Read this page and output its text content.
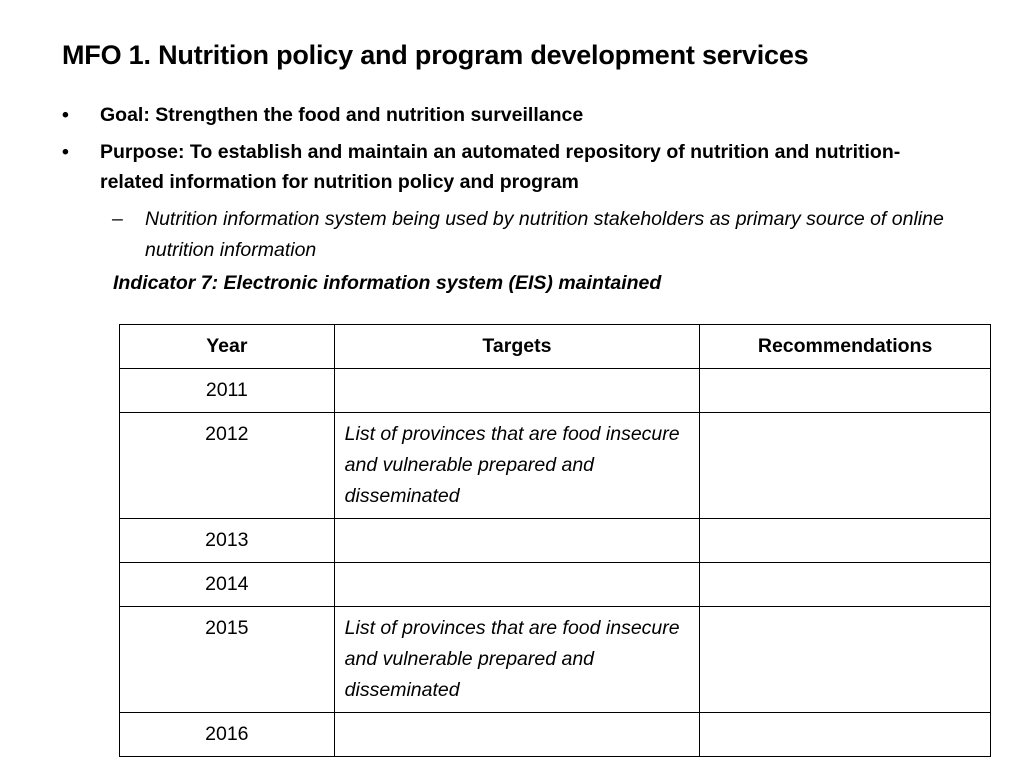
MFO 1. Nutrition policy and program development services
•	Goal: Strengthen the food and nutrition surveillance
•	Purpose: To establish and maintain an automated repository of nutrition and nutrition-related information for nutrition policy and program
– Nutrition information system being used by nutrition stakeholders as primary source of online nutrition information
Indicator 7: Electronic information system (EIS) maintained
Year	Targets	Recommendations
2011		
2012	List of provinces that are food insecure and vulnerable prepared and disseminated	
2013		
2014		
2015	List of provinces that are food insecure and vulnerable prepared and disseminated	
2016		
